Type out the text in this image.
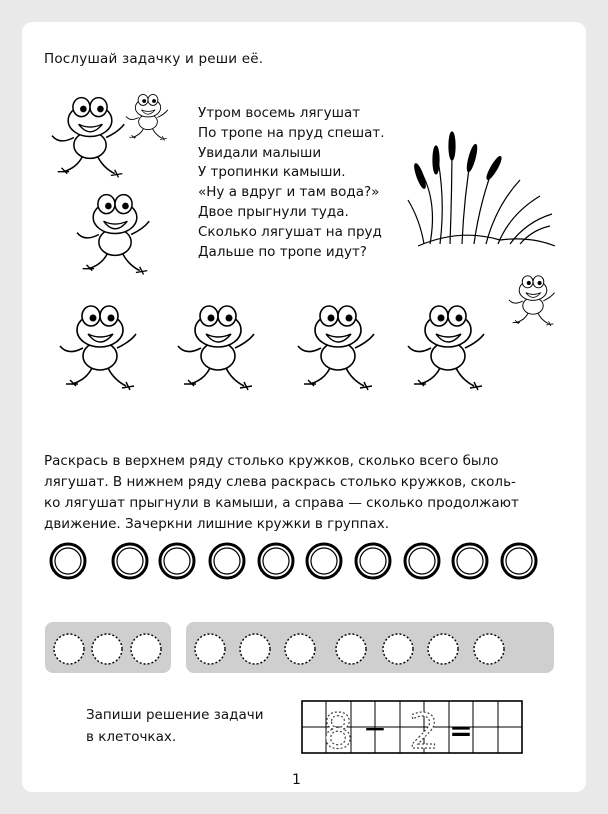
Послушай задачку и реши её.
Утром восемь лягушат
По тропе на пруд спешат.
Увидали малыши
У тропинки камыши.
«Ну а вдруг и там вода?»
Двое прыгнули туда.
Сколько лягушат на пруд
Дальше по тропе идут?
8 − 2 =
Раскрась в верхнем ряду столько кружков, сколько всего было
лягушат. В нижнем ряду слева раскрась столько кружков, сколь-
ко лягушат прыгнули в камыши, а справа — сколько продолжают
движение. Зачеркни лишние кружки в группах.
Запиши решение задачи
в клеточках.
1
